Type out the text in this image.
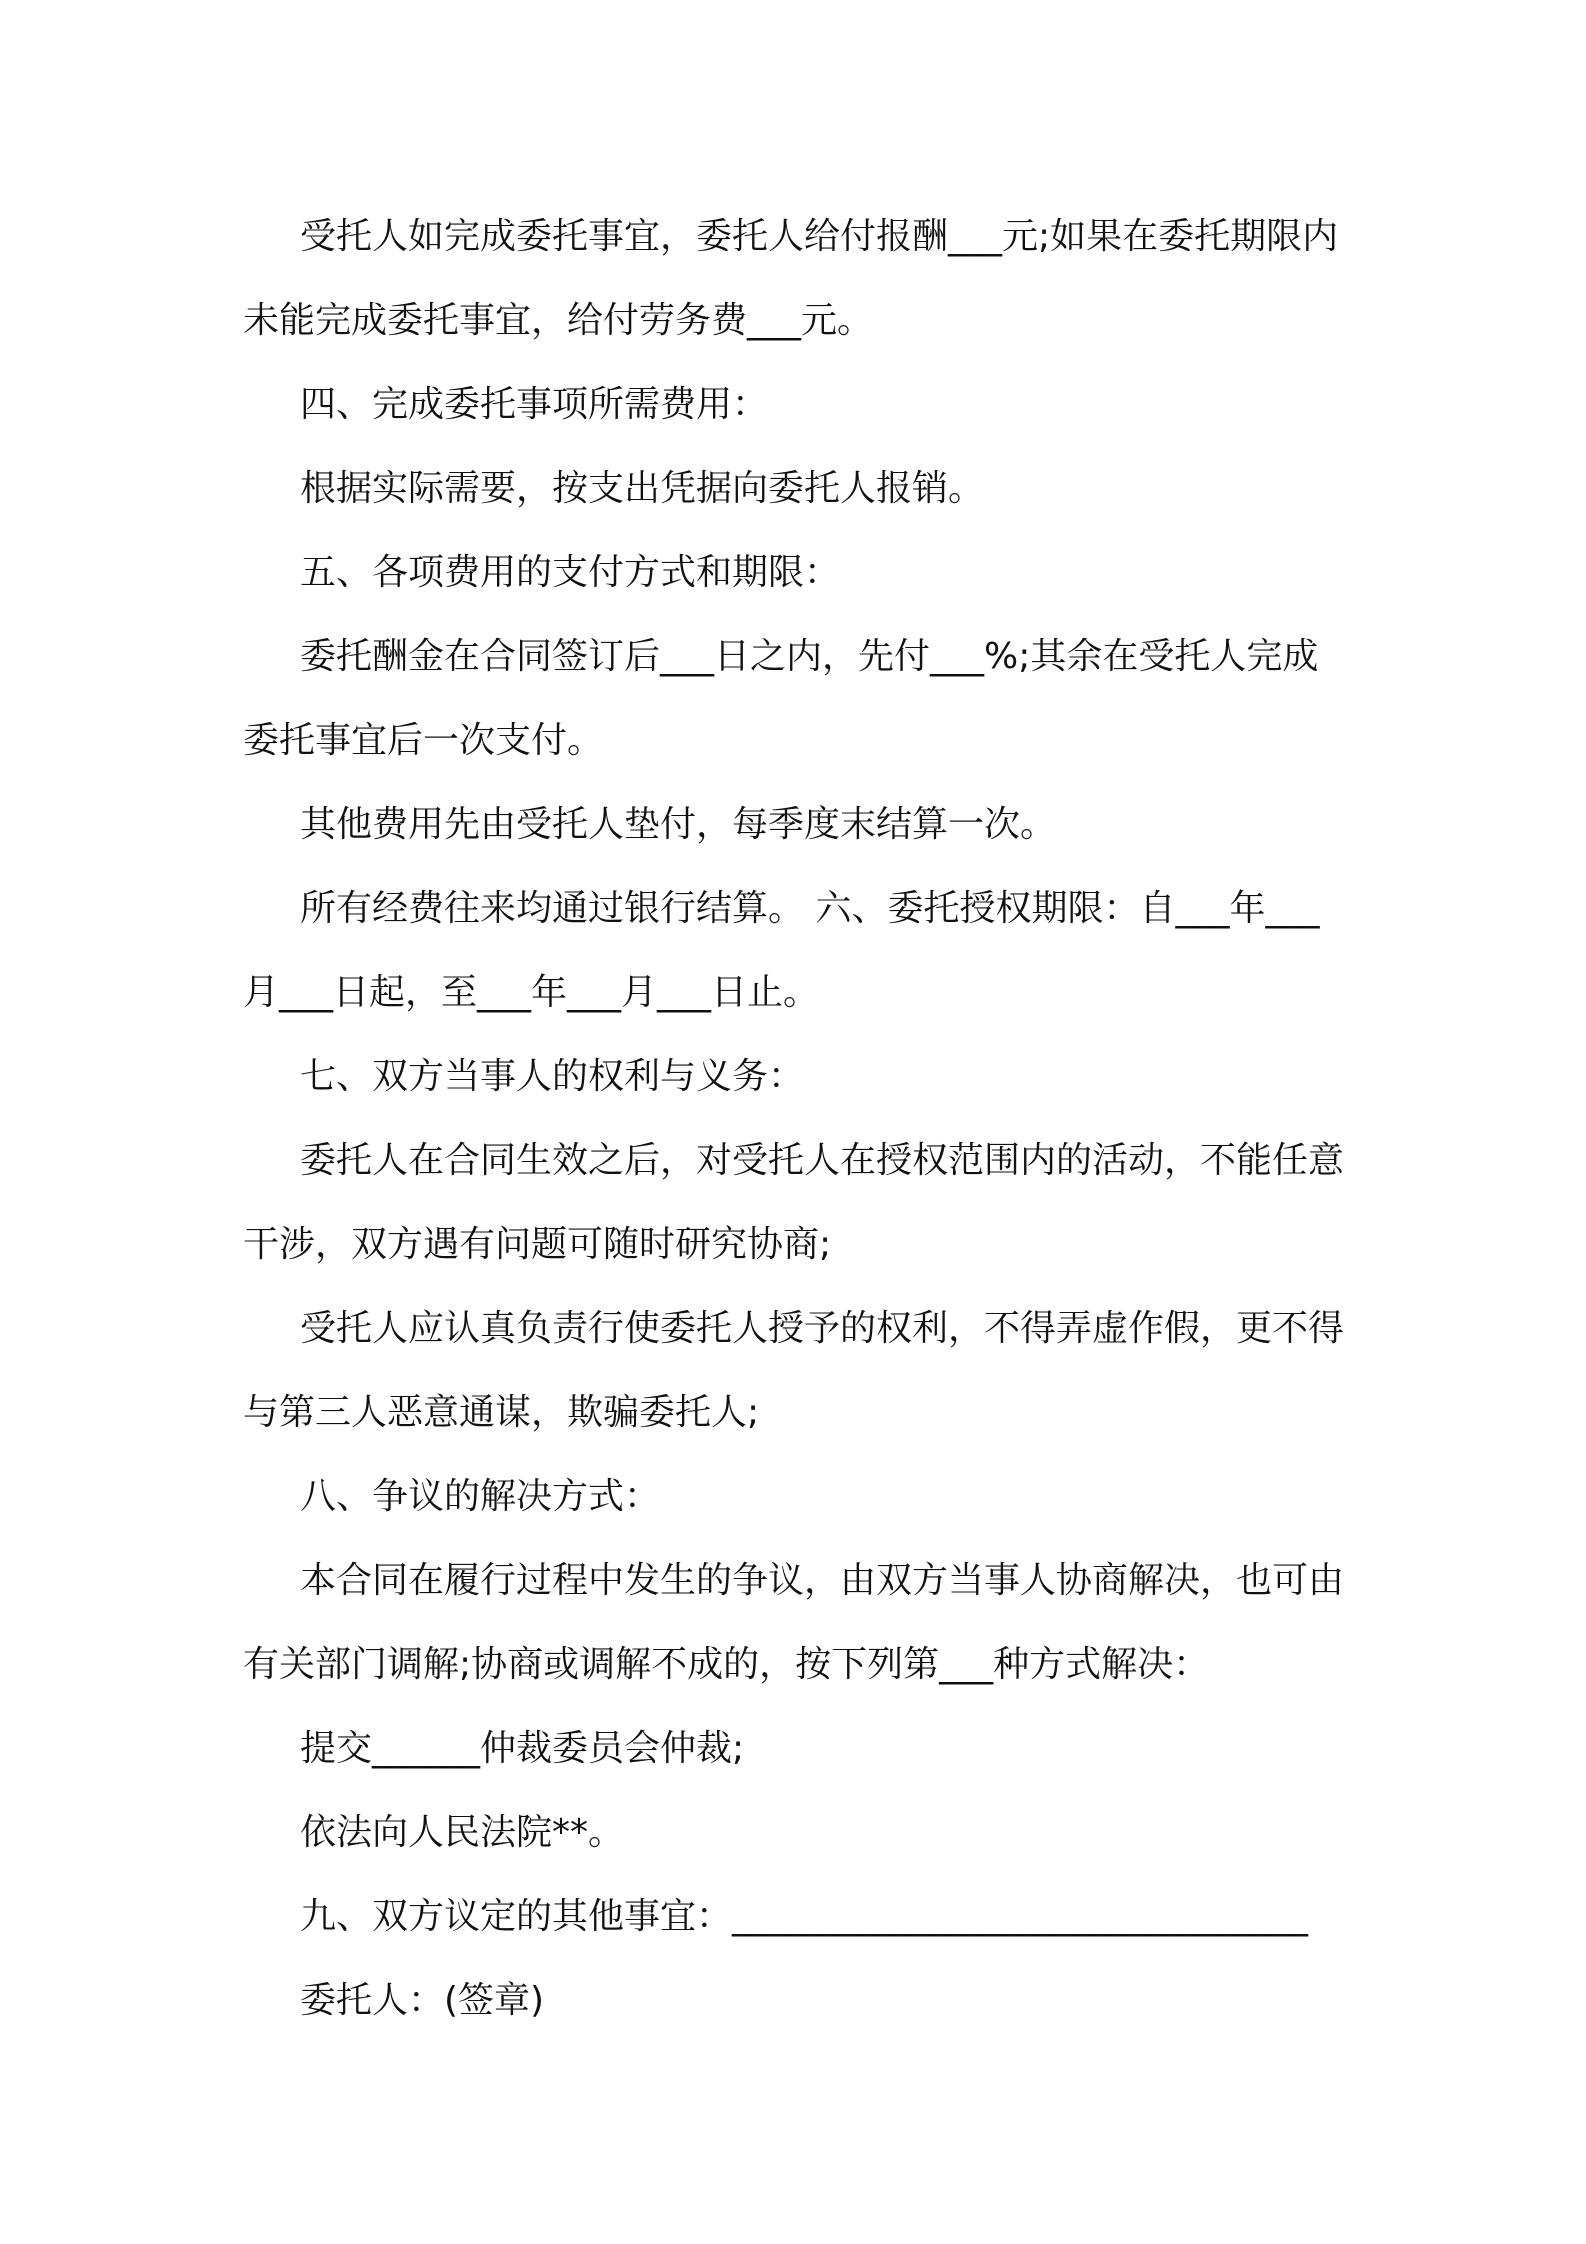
受托人如完成委托事宜，委托人给付报酬___元;如果在委托期限内未能完成委托事宜，给付劳务费___元。

四、完成委托事项所需费用：

根据实际需要，按支出凭据向委托人报销。

五、各项费用的支付方式和期限：

委托酬金在合同签订后___日之内，先付___%;其余在受托人完成委托事宜后一次支付。

其他费用先由受托人垫付，每季度末结算一次。

所有经费往来均通过银行结算。 六、委托授权期限：自___年___月___日起，至___年___月___日止。

七、双方当事人的权利与义务：

委托人在合同生效之后，对受托人在授权范围内的活动，不能任意干涉，双方遇有问题可随时研究协商;

受托人应认真负责行使委托人授予的权利，不得弄虚作假，更不得与第三人恶意通谋，欺骗委托人;

八、争议的解决方式：

本合同在履行过程中发生的争议，由双方当事人协商解决，也可由有关部门调解;协商或调解不成的，按下列第___种方式解决：

提交______仲裁委员会仲裁;

依法向人民法院**。

九、双方议定的其他事宜：________________________________

委托人：(签章)
